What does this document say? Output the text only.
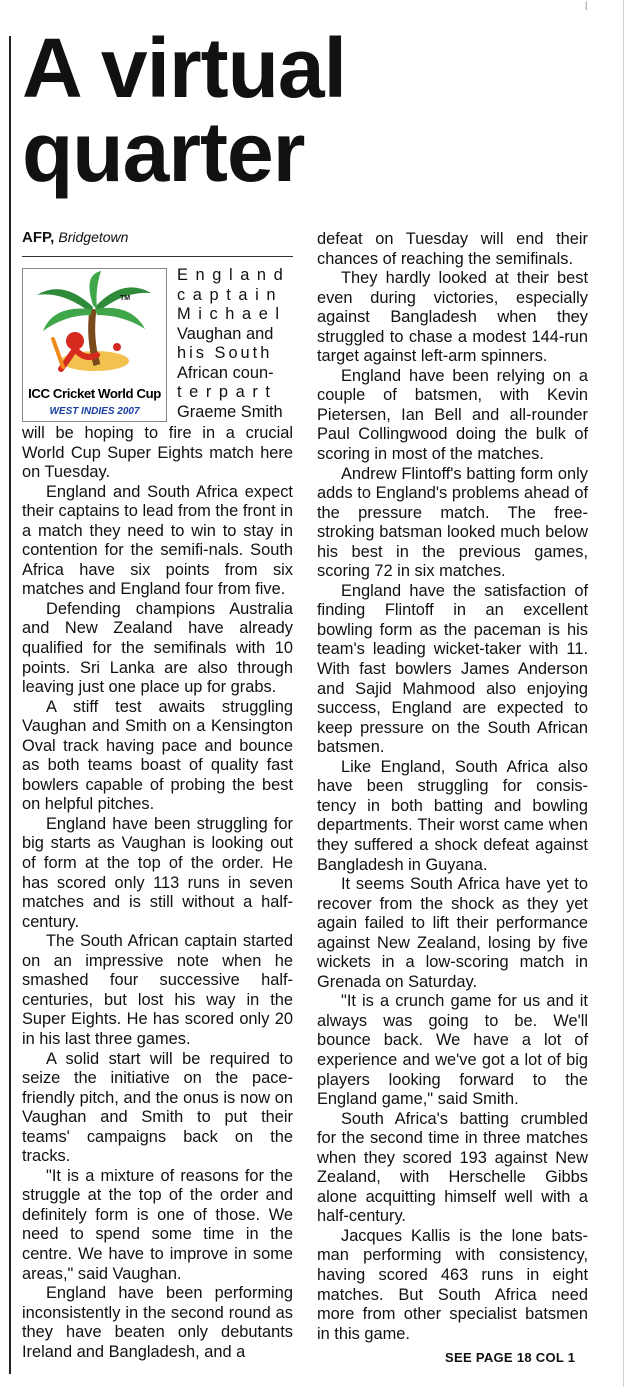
|
A virtual
quarter
AFP, Bridgetown
TM
ICC Cricket World Cup
WEST INDIES 2007

England

captain

Michael

Vaughan and

his South

African coun-

terpart

Graeme Smith

will be hoping to fire in a crucial World Cup Super Eights match here on Tuesday.

England and South Africa expect their captains to lead from the front in a match they need to win to stay in contention for the semifi-nals. South Africa have six points from six matches and England four from five.

Defending champions Australia and New Zealand have already qualified for the semifinals with 10 points. Sri Lanka are also through leaving just one place up for grabs.

A stiff test awaits struggling Vaughan and Smith on a Kensington Oval track having pace and bounce as both teams boast of quality fast bowlers capable of probing the best on helpful pitches.

England have been struggling for big starts as Vaughan is looking out of form at the top of the order. He has scored only 113 runs in seven matches and is still without a half-century.

The South African captain started on an impressive note when he smashed four successive half-centuries, but lost his way in the Super Eights. He has scored only 20 in his last three games.

A solid start will be required to seize the initiative on the pace-friendly pitch, and the onus is now on Vaughan and Smith to put their teams' campaigns back on the tracks.

"It is a mixture of reasons for the struggle at the top of the order and definitely form is one of those. We need to spend some time in the centre. We have to improve in some areas," said Vaughan.

England have been performing inconsistently in the second round as they have beaten only debutants Ireland and Bangladesh, and a

defeat on Tuesday will end their chances of reaching the semifinals.

They hardly looked at their best even during victories, especially against Bangladesh when they struggled to chase a modest 144-run target against left-arm spinners.

England have been relying on a couple of batsmen, with Kevin Pietersen, Ian Bell and all-rounder Paul Collingwood doing the bulk of scoring in most of the matches.

Andrew Flintoff's batting form only adds to England's problems ahead of the pressure match. The free-stroking batsman looked much below his best in the previous games, scoring 72 in six matches.

England have the satisfaction of finding Flintoff in an excellent bowling form as the paceman is his team's leading wicket-taker with 11. With fast bowlers James Anderson and Sajid Mahmood also enjoying success, England are expected to keep pressure on the South African batsmen.

Like England, South Africa also have been struggling for consis-tency in both batting and bowling departments. Their worst came when they suffered a shock defeat against Bangladesh in Guyana.

It seems South Africa have yet to recover from the shock as they yet again failed to lift their performance against New Zealand, losing by five wickets in a low-scoring match in Grenada on Saturday.

"It is a crunch game for us and it always was going to be. We'll bounce back. We have a lot of experience and we've got a lot of big players looking forward to the England game," said Smith.

South Africa's batting crumbled for the second time in three matches when they scored 193 against New Zealand, with Herschelle Gibbs alone acquitting himself well with a half-century.

Jacques Kallis is the lone bats-man performing with consistency, having scored 463 runs in eight matches. But South Africa need more from other specialist batsmen in this game.

SEE PAGE 18 COL 1
